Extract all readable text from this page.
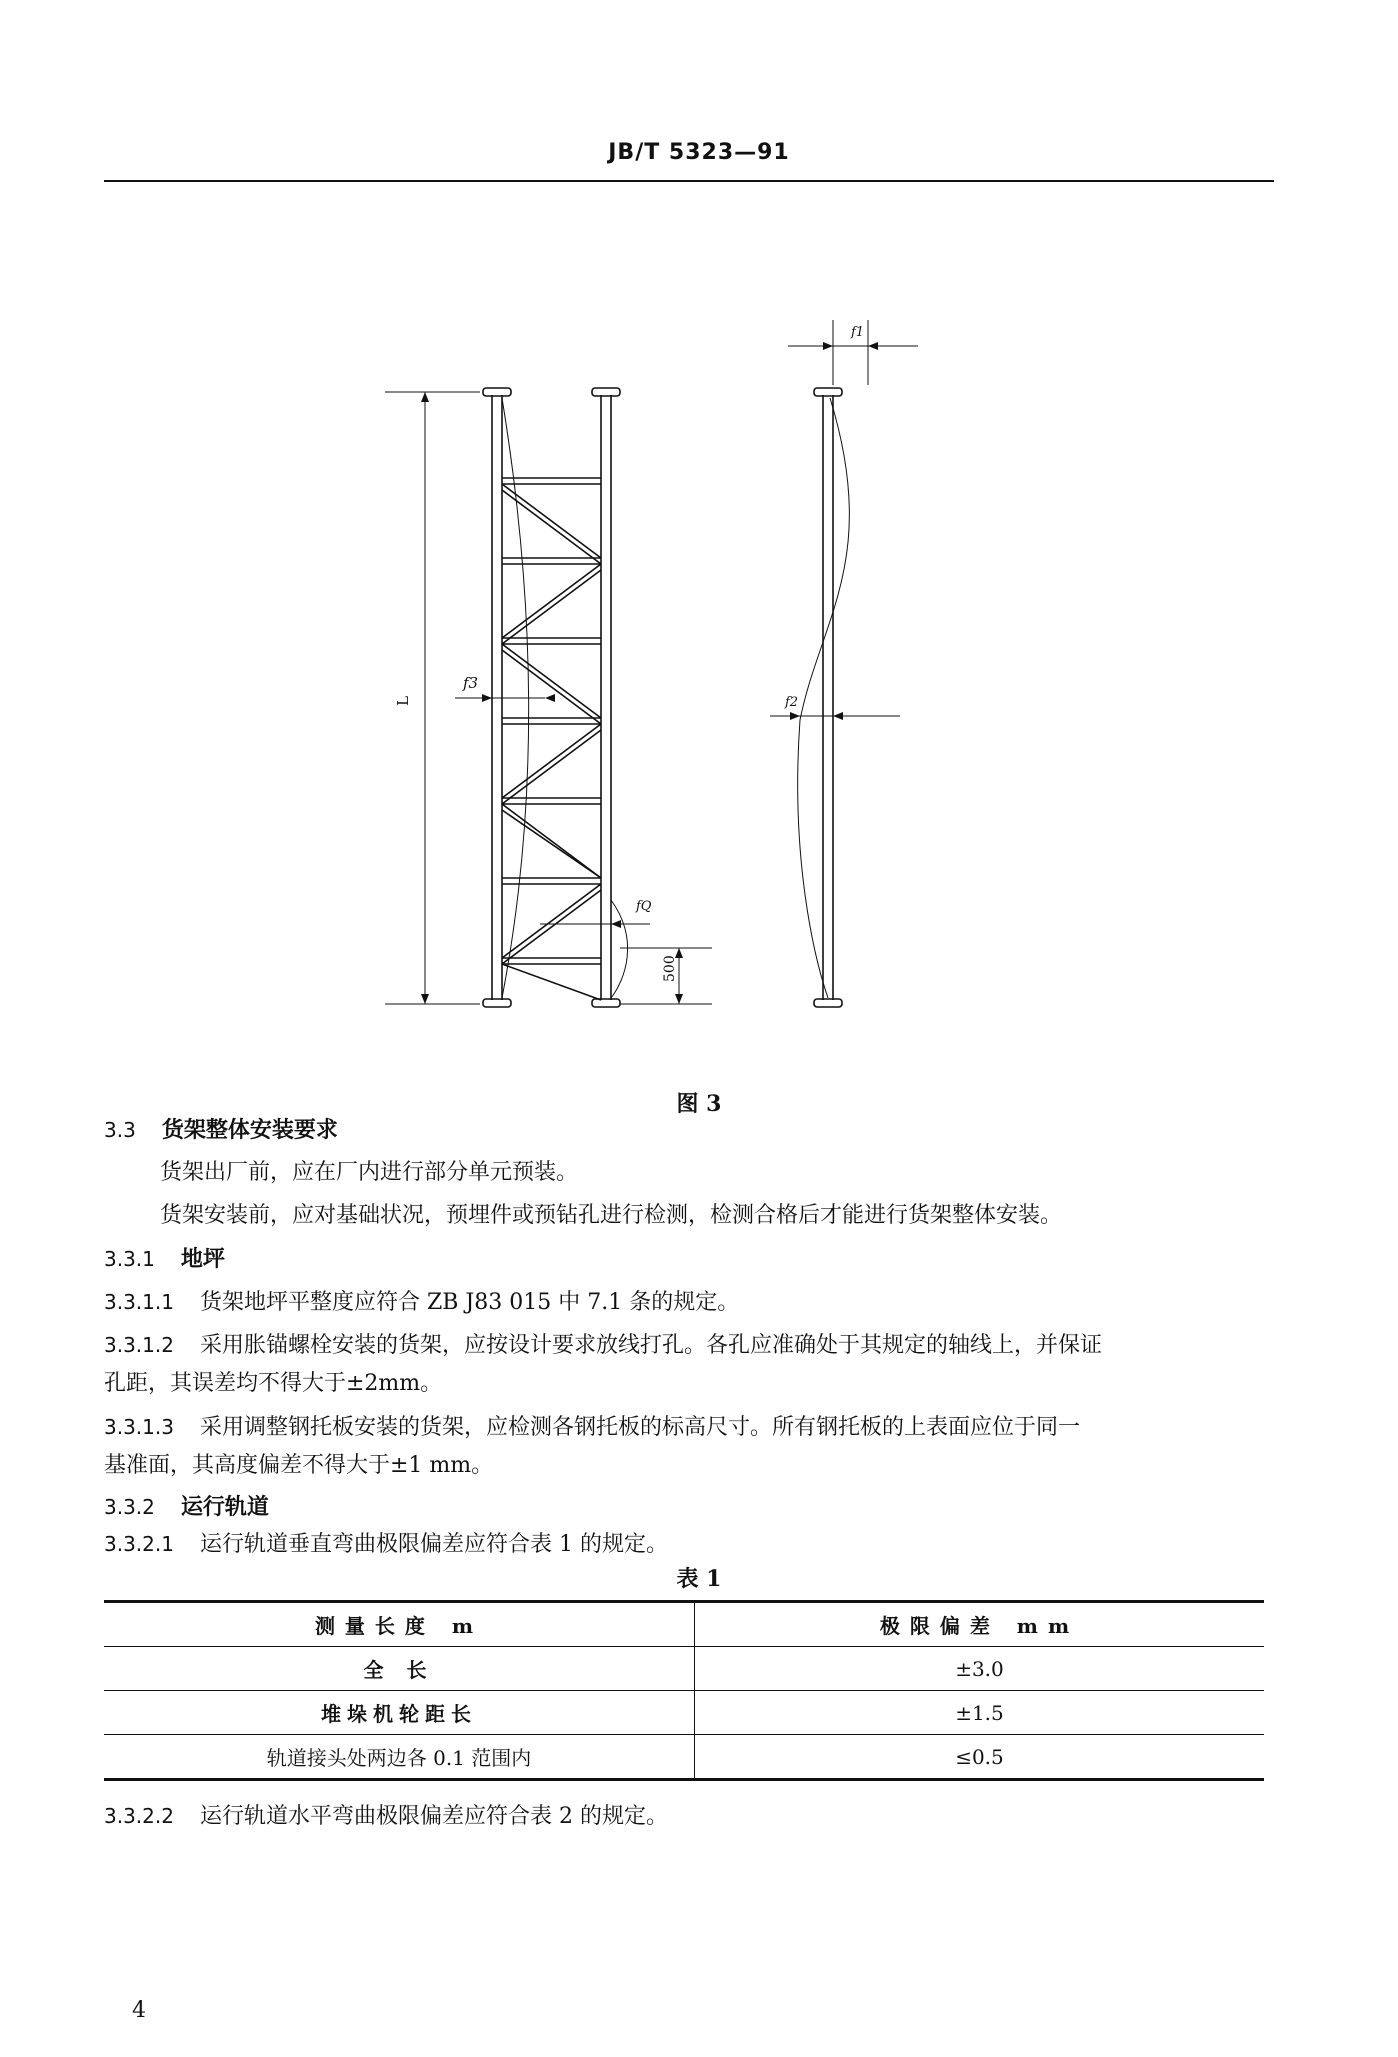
JB/T 5323—91
f1
f2
f3
fQ
L
500
图 3
3.3 货架整体安装要求
货架出厂前，应在厂内进行部分单元预装。
货架安装前，应对基础状况，预埋件或预钻孔进行检测，检测合格后才能进行货架整体安装。
3.3.1 地坪
3.3.1.1 货架地坪平整度应符合 ZB J83 015 中 7.1 条的规定。
3.3.1.2 采用胀锚螺栓安装的货架，应按设计要求放线打孔。各孔应准确处于其规定的轴线上，并保证
孔距，其误差均不得大于±2mm。
3.3.1.3 采用调整钢托板安装的货架，应检测各钢托板的标高尺寸。所有钢托板的上表面应位于同一
基准面，其高度偏差不得大于±1 mm。
3.3.2 运行轨道
3.3.2.1 运行轨道垂直弯曲极限偏差应符合表 1 的规定。
表 1
测量长度 m	极限偏差 mm
全 长	±3.0
堆垛机轮距长	±1.5
轨道接头处两边各 0.1 范围内	≤0.5
3.3.2.2 运行轨道水平弯曲极限偏差应符合表 2 的规定。
4
